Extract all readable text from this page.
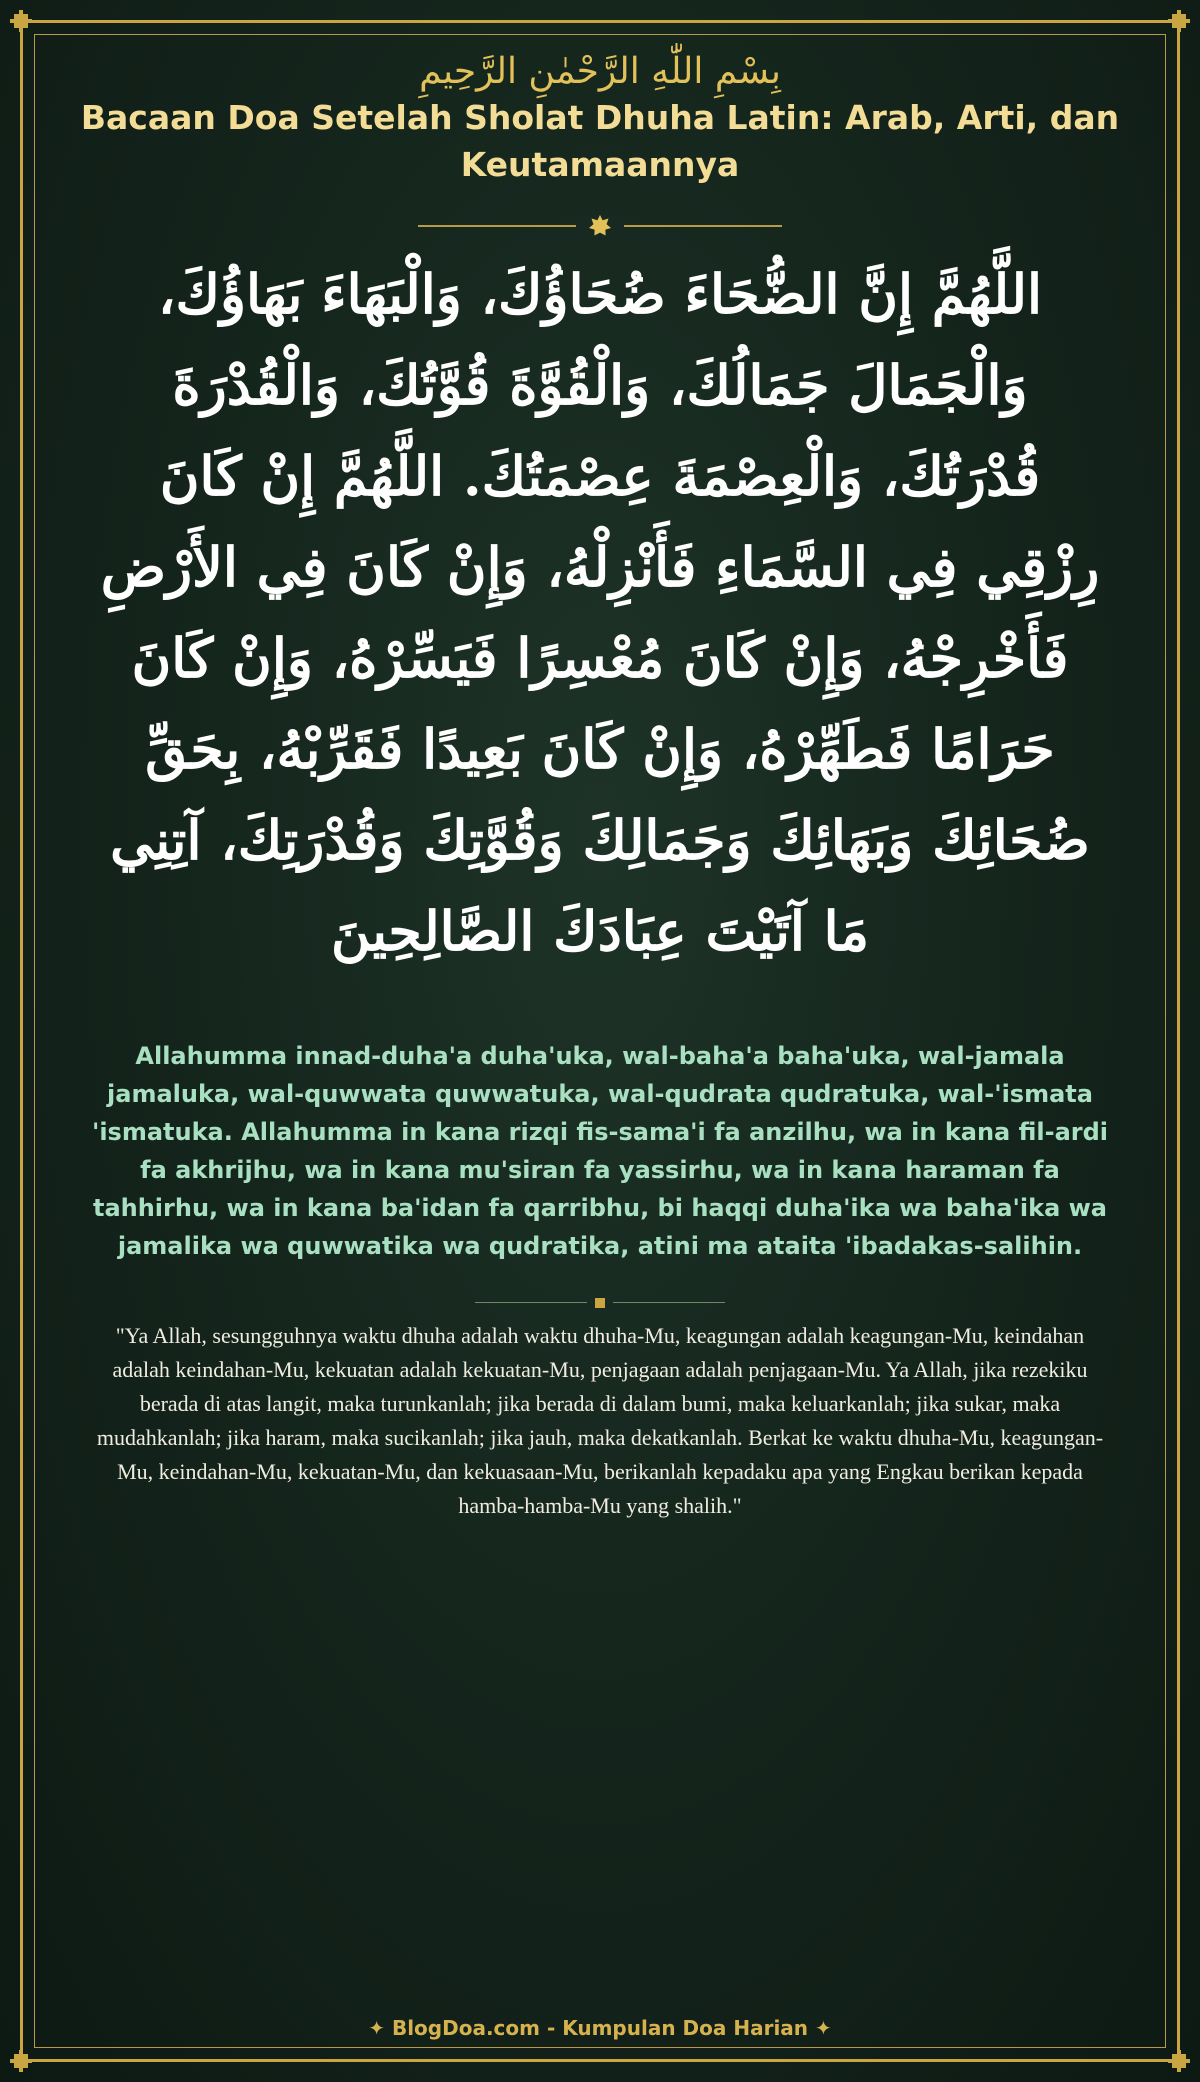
بِسْمِ اللّٰهِ الرَّحْمٰنِ الرَّحِيمِ
Bacaan Doa Setelah Sholat Dhuha Latin: Arab, Arti, dan Keutamaannya
اللَّهُمَّ إِنَّ الضُّحَاءَ ضُحَاؤُكَ، وَالْبَهَاءَ بَهَاؤُكَ، وَالْجَمَالَ جَمَالُكَ، وَالْقُوَّةَ قُوَّتُكَ، وَالْقُدْرَةَ قُدْرَتُكَ، وَالْعِصْمَةَ عِصْمَتُكَ. اللَّهُمَّ إِنْ كَانَ رِزْقِي فِي السَّمَاءِ فَأَنْزِلْهُ، وَإِنْ كَانَ فِي الأَرْضِ فَأَخْرِجْهُ، وَإِنْ كَانَ مُعْسِرًا فَيَسِّرْهُ، وَإِنْ كَانَ حَرَامًا فَطَهِّرْهُ، وَإِنْ كَانَ بَعِيدًا فَقَرِّبْهُ، بِحَقِّ ضُحَائِكَ وَبَهَائِكَ وَجَمَالِكَ وَقُوَّتِكَ وَقُدْرَتِكَ، آتِنِي مَا آتَيْتَ عِبَادَكَ الصَّالِحِينَ
Allahumma innad-duha'a duha'uka, wal-baha'a baha'uka, wal-jamala jamaluka, wal-quwwata quwwatuka, wal-qudrata qudratuka, wal-'ismata 'ismatuka. Allahumma in kana rizqi fis-sama'i fa anzilhu, wa in kana fil-ardi fa akhrijhu, wa in kana mu'siran fa yassirhu, wa in kana haraman fa tahhirhu, wa in kana ba'idan fa qarribhu, bi haqqi duha'ika wa baha'ika wa jamalika wa quwwatika wa qudratika, atini ma ataita 'ibadakas-salihin.
"Ya Allah, sesungguhnya waktu dhuha adalah waktu dhuha-Mu, keagungan adalah keagungan-Mu, keindahan adalah keindahan-Mu, kekuatan adalah kekuatan-Mu, penjagaan adalah penjagaan-Mu. Ya Allah, jika rezekiku berada di atas langit, maka turunkanlah; jika berada di dalam bumi, maka keluarkanlah; jika sukar, maka mudahkanlah; jika haram, maka sucikanlah; jika jauh, maka dekatkanlah. Berkat ke waktu dhuha-Mu, keagungan-Mu, keindahan-Mu, kekuatan-Mu, dan kekuasaan-Mu, berikanlah kepadaku apa yang Engkau berikan kepada hamba-hamba-Mu yang shalih."
✦ BlogDoa.com - Kumpulan Doa Harian ✦
